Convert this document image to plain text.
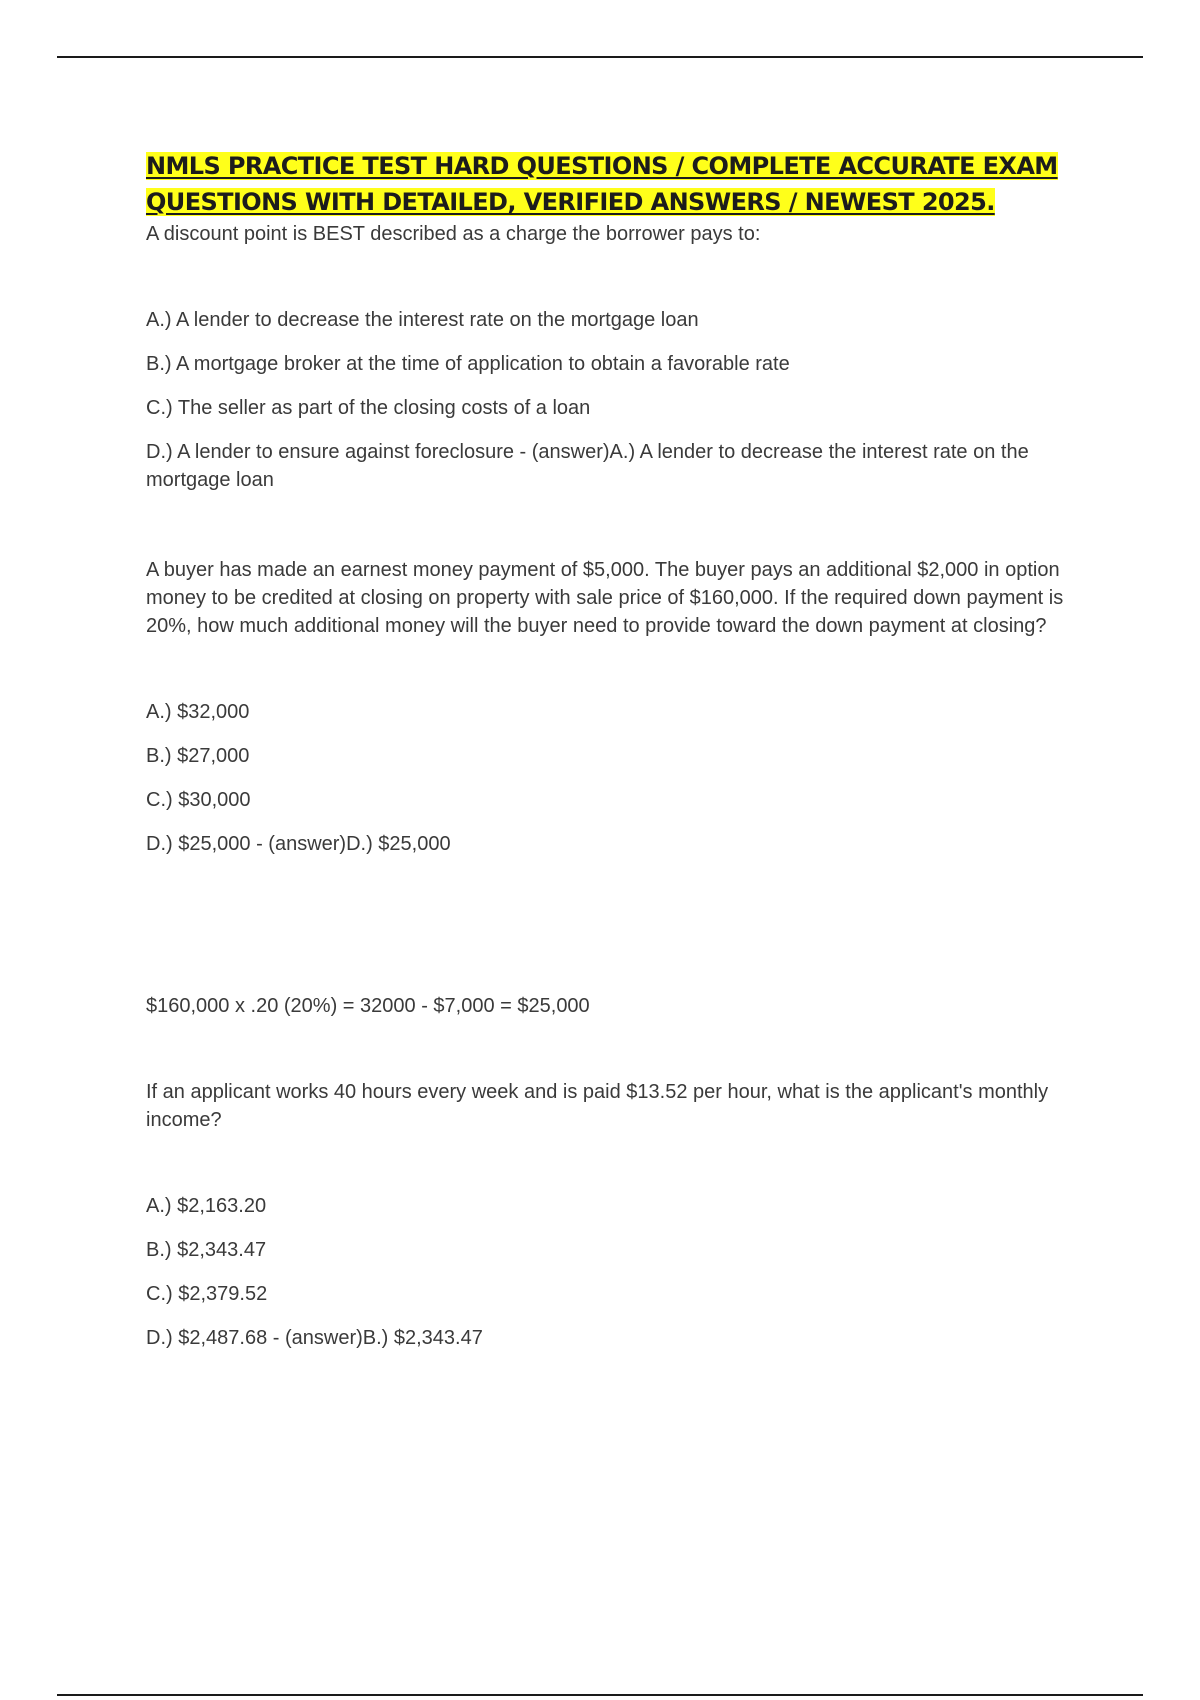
NMLS PRACTICE TEST HARD QUESTIONS / COMPLETE ACCURATE EXAM QUESTIONS WITH DETAILED, VERIFIED ANSWERS / NEWEST 2025.

A discount point is BEST described as a charge the borrower pays to:

A.) A lender to decrease the interest rate on the mortgage loan
B.) A mortgage broker at the time of application to obtain a favorable rate
C.) The seller as part of the closing costs of a loan
D.) A lender to ensure against foreclosure - (answer)A.) A lender to decrease the interest rate on the mortgage loan

A buyer has made an earnest money payment of $5,000. The buyer pays an additional $2,000 in option money to be credited at closing on property with sale price of $160,000. If the required down payment is 20%, how much additional money will the buyer need to provide toward the down payment at closing?

A.) $32,000
B.) $27,000
C.) $30,000
D.) $25,000 - (answer)D.) $25,000

$160,000 x .20 (20%) = 32000 - $7,000 = $25,000

If an applicant works 40 hours every week and is paid $13.52 per hour, what is the applicant's monthly income?

A.) $2,163.20
B.) $2,343.47
C.) $2,379.52
D.) $2,487.68 - (answer)B.) $2,343.47
